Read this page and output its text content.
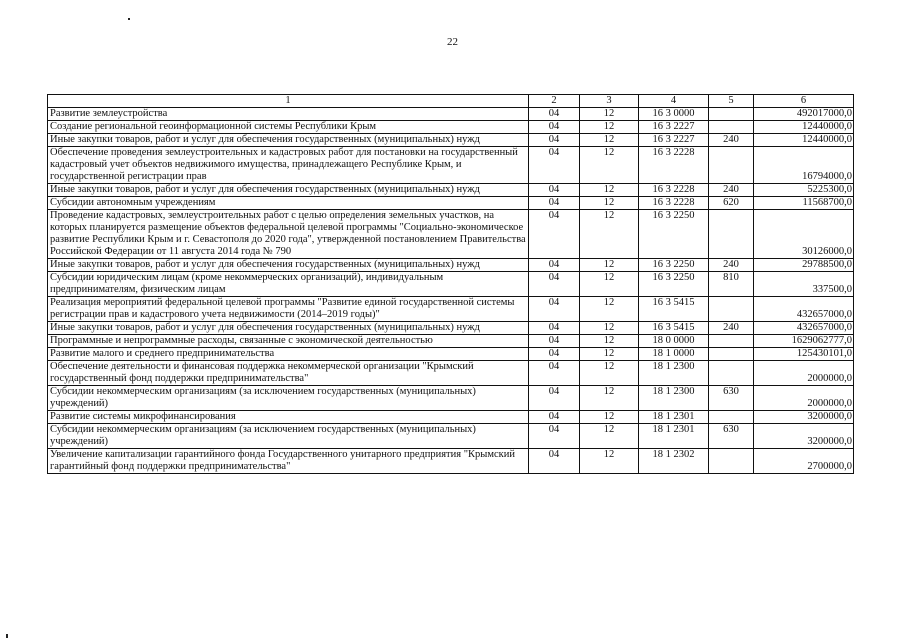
22
1	2	3	4	5	6
Развитие землеустройства	04	12	16 3 0000		492017000,0
Создание региональной геоинформационной системы Республики Крым	04	12	16 3 2227		12440000,0
Иные закупки товаров, работ и услуг для обеспечения государственных (муниципальных) нужд	04	12	16 3 2227	240	12440000,0
Обеспечение проведения землеустроительных и кадастровых работ для постановки на государственный кадастровый учет объектов недвижимого имущества, принадлежащего Республике Крым, и государственной регистрации прав	04	12	16 3 2228		16794000,0
Иные закупки товаров, работ и услуг для обеспечения государственных (муниципальных) нужд	04	12	16 3 2228	240	5225300,0
Субсидии автономным учреждениям	04	12	16 3 2228	620	11568700,0
Проведение кадастровых, землеустроительных работ с целью определения земельных участков, на которых планируется размещение объектов федеральной целевой программы "Социально-экономическое развитие Республики Крым и г. Севастополя до 2020 года", утвержденной постановлением Правительства Российской Федерации от 11 августа 2014 года № 790	04	12	16 3 2250		30126000,0
Иные закупки товаров, работ и услуг для обеспечения государственных (муниципальных) нужд	04	12	16 3 2250	240	29788500,0
Субсидии юридическим лицам (кроме некоммерческих организаций), индивидуальным предпринимателям, физическим лицам	04	12	16 3 2250	810	337500,0
Реализация мероприятий федеральной целевой программы "Развитие единой государственной системы регистрации прав и кадастрового учета недвижимости (2014–2019 годы)"	04	12	16 3 5415		432657000,0
Иные закупки товаров, работ и услуг для обеспечения государственных (муниципальных) нужд	04	12	16 3 5415	240	432657000,0
Программные и непрограммные расходы, связанные с экономической деятельностью	04	12	18 0 0000		1629062777,0
Развитие малого и среднего предпринимательства	04	12	18 1 0000		125430101,0
Обеспечение деятельности и финансовая поддержка некоммерческой организации "Крымский государственный фонд поддержки предпринимательства"	04	12	18 1 2300		2000000,0
Субсидии некоммерческим организациям (за исключением государственных (муниципальных) учреждений)	04	12	18 1 2300	630	2000000,0
Развитие системы микрофинансирования	04	12	18 1 2301		3200000,0
Субсидии некоммерческим организациям (за исключением государственных (муниципальных) учреждений)	04	12	18 1 2301	630	3200000,0
Увеличение капитализации гарантийного фонда Государственного унитарного предприятия "Крымский гарантийный фонд поддержки предпринимательства"	04	12	18 1 2302		2700000,0
